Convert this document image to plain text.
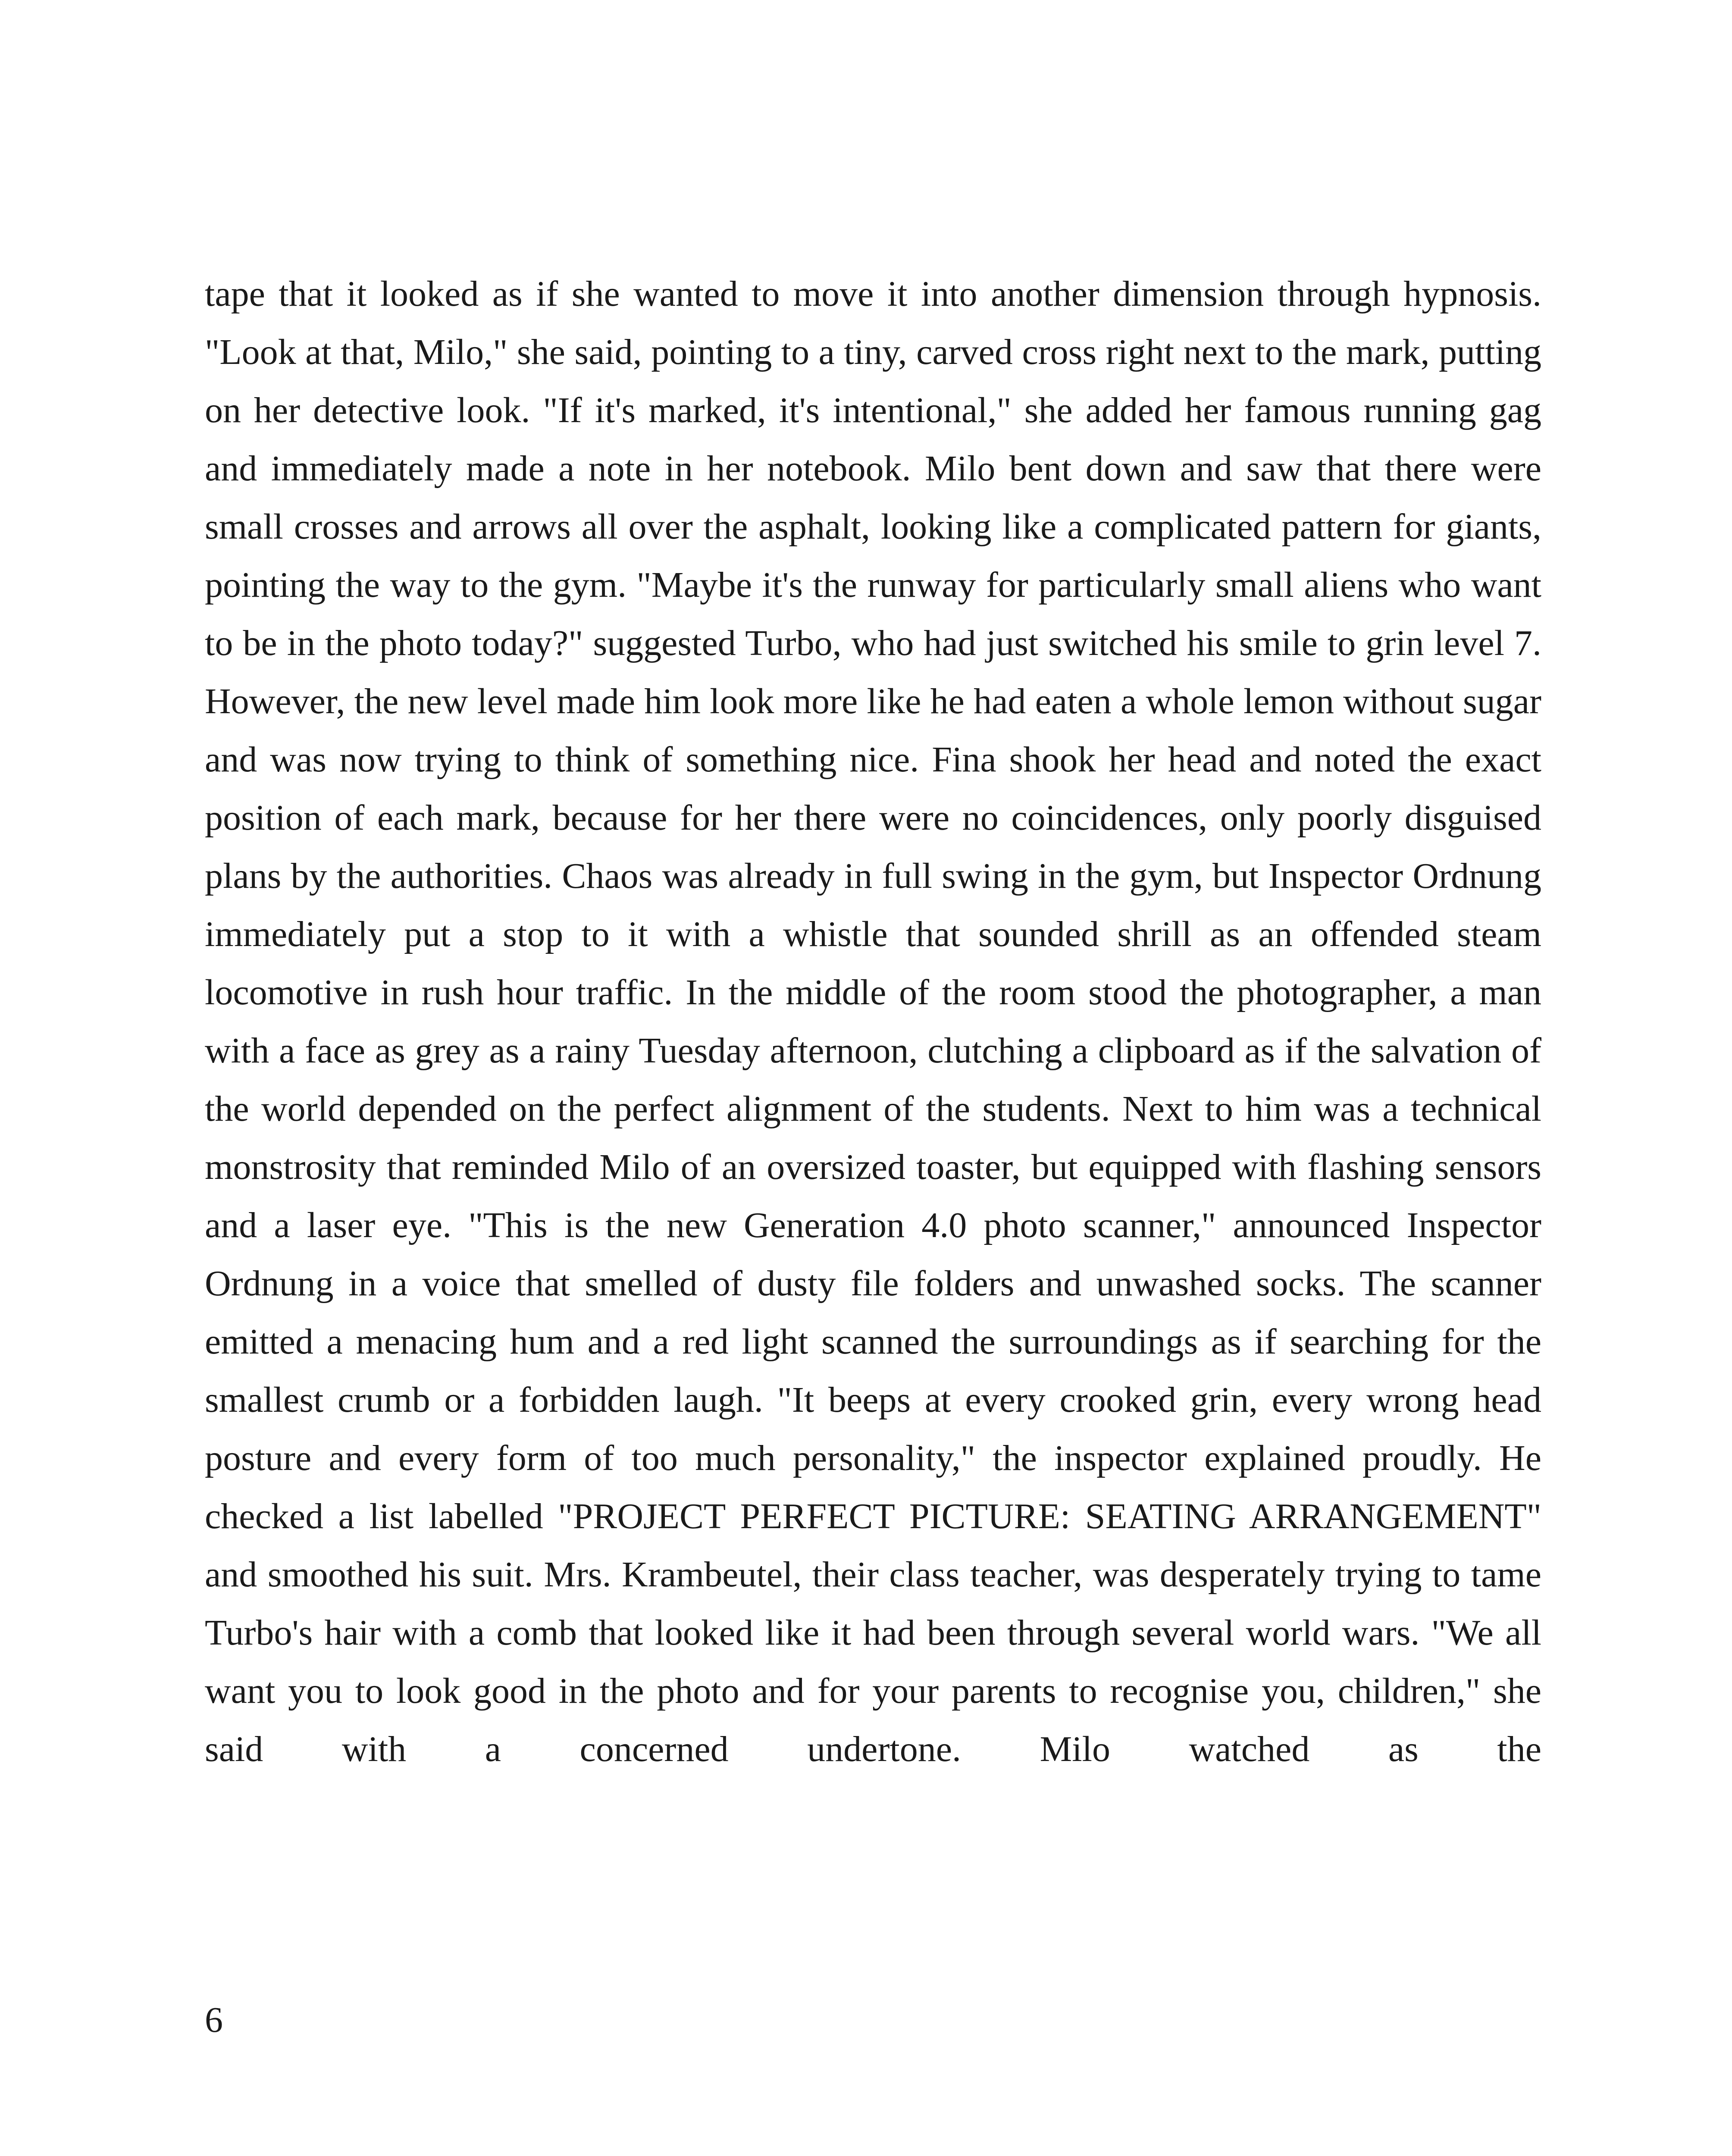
tape that it looked as if she wanted to move it into another dimension through hypnosis. "Look at that, Milo," she said, pointing to a tiny, carved cross right next to the mark, putting on her detective look. "If it's marked, it's intentional," she added her famous running gag and immediately made a note in her notebook. Milo bent down and saw that there were small crosses and arrows all over the asphalt, looking like a complicated pattern for giants, pointing the way to the gym. "Maybe it's the runway for particularly small aliens who want to be in the photo today?" suggested Turbo, who had just switched his smile to grin level 7. However, the new level made him look more like he had eaten a whole lemon without sugar and was now trying to think of something nice. Fina shook her head and noted the exact position of each mark, because for her there were no coincidences, only poorly disguised plans by the authorities. Chaos was already in full swing in the gym, but Inspector Ordnung immediately put a stop to it with a whistle that sounded shrill as an offended steam locomotive in rush hour traffic. In the middle of the room stood the photographer, a man with a face as grey as a rainy Tuesday afternoon, clutching a clipboard as if the salvation of the world depended on the perfect alignment of the students. Next to him was a technical monstrosity that reminded Milo of an oversized toaster, but equipped with flashing sensors and a laser eye. "This is the new Generation 4.0 photo scanner," announced Inspector Ordnung in a voice that smelled of dusty file folders and unwashed socks. The scanner emitted a menacing hum and a red light scanned the surroundings as if searching for the smallest crumb or a forbidden laugh. "It beeps at every crooked grin, every wrong head posture and every form of too much personality," the inspector explained proudly. He checked a list labelled "PROJECT PERFECT PICTURE: SEATING ARRANGEMENT" and smoothed his suit. Mrs. Krambeutel, their class teacher, was desperately trying to tame Turbo's hair with a comb that looked like it had been through several world wars. "We all want you to look good in the photo and for your parents to recognise you, children," she said with a concerned undertone. Milo watched as the

6
